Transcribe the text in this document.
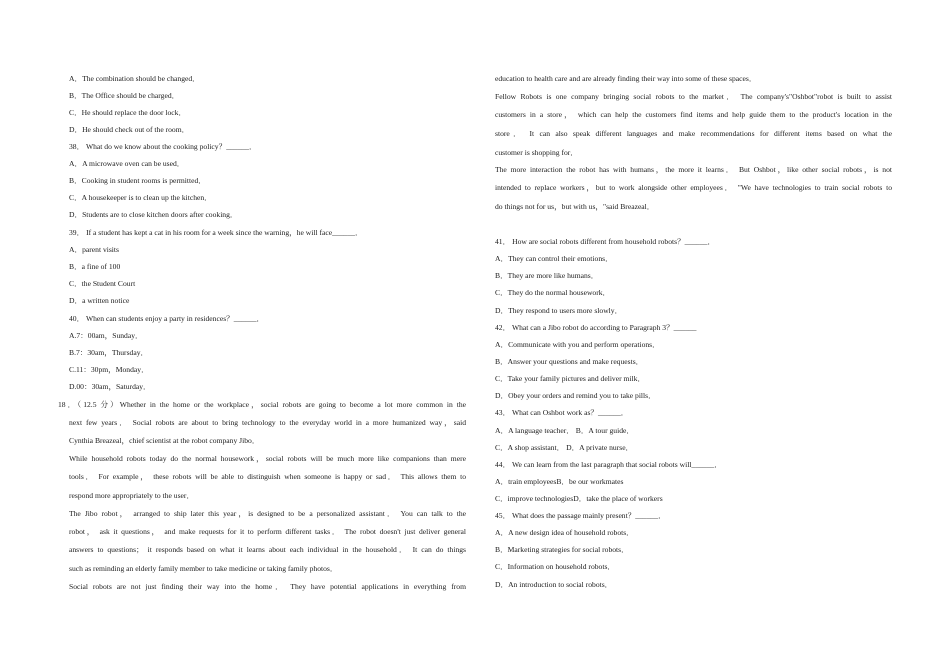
A．The combination should be changed．
B．The Office should be charged．
C．He should replace the door lock．
D．He should check out of the room．
38． What do we know about the cooking policy？______．
A．A microwave oven can be used．
B．Cooking in student rooms is permitted．
C．A housekeeper is to clean up the kitchen．
D．Students are to close kitchen doors after cooking．
39． If a student has kept a cat in his room for a week since the warning，he will face______．
A．parent visits
B．a fine of 100
C．the Student Court
D．a written notice
40． When can students enjoy a party in residences？______．
A.7：00am，Sunday．
B.7：30am，Thursday．
C.11：30pm，Monday．
D.00：30am，Saturday．
18．（12.5 分）Whether in the home or the workplace，social robots are going to become a lot more common in the
next few years． Social robots are about to bring technology to the everyday world in a more humanized way，said
Cynthia Breazeal，chief scientist at the robot company Jibo．
While household robots today do the normal housework，social robots will be much more like companions than mere
tools． For example， these robots will be able to distinguish when someone is happy or sad． This allows them to
respond more appropriately to the user．
The Jibo robot， arranged to ship later this year，is designed to be a personalized assistant． You can talk to the
robot， ask it questions， and make requests for it to perform different tasks． The robot doesn't just deliver general
answers to questions； it responds based on what it learns about each individual in the household． It can do things
such as reminding an elderly family member to take medicine or taking family photos．
Social robots are not just finding their way into the home． They have potential applications in everything from
education to health care and are already finding their way into some of these spaces．
Fellow Robots is one company bringing social robots to the market． The company's"Oshbot"robot is built to assist
customers in a store， which can help the customers find items and help guide them to the product's location in the
store． It can also speak different languages and make recommendations for different items based on what the
customer is shopping for．
The more interaction the robot has with humans，the more it learns． But Oshbot，like other social robots，is not
intended to replace workers，but to work alongside other employees． "We have technologies to train social robots to
do things not for us，but with us，"said Breazeal．
41． How are social robots different from household robots？______．
A．They can control their emotions．
B．They are more like humans．
C．They do the normal housework．
D．They respond to users more slowly．
42． What can a Jibo robot do according to Paragraph 3？______
A．Communicate with you and perform operations．
B．Answer your questions and make requests．
C．Take your family pictures and deliver milk．
D．Obey your orders and remind you to take pills．
43． What can Oshbot work as？______．
A．A language teacher． B．A tour guide．
C．A shop assistant． D．A private nurse．
44． We can learn from the last paragraph that social robots will______．
A．train employeesB．be our workmates
C．improve technologiesD．take the place of workers
45． What does the passage mainly present？______．
A．A new design idea of household robots．
B．Marketing strategies for social robots．
C．Information on household robots．
D．An introduction to social robots．
